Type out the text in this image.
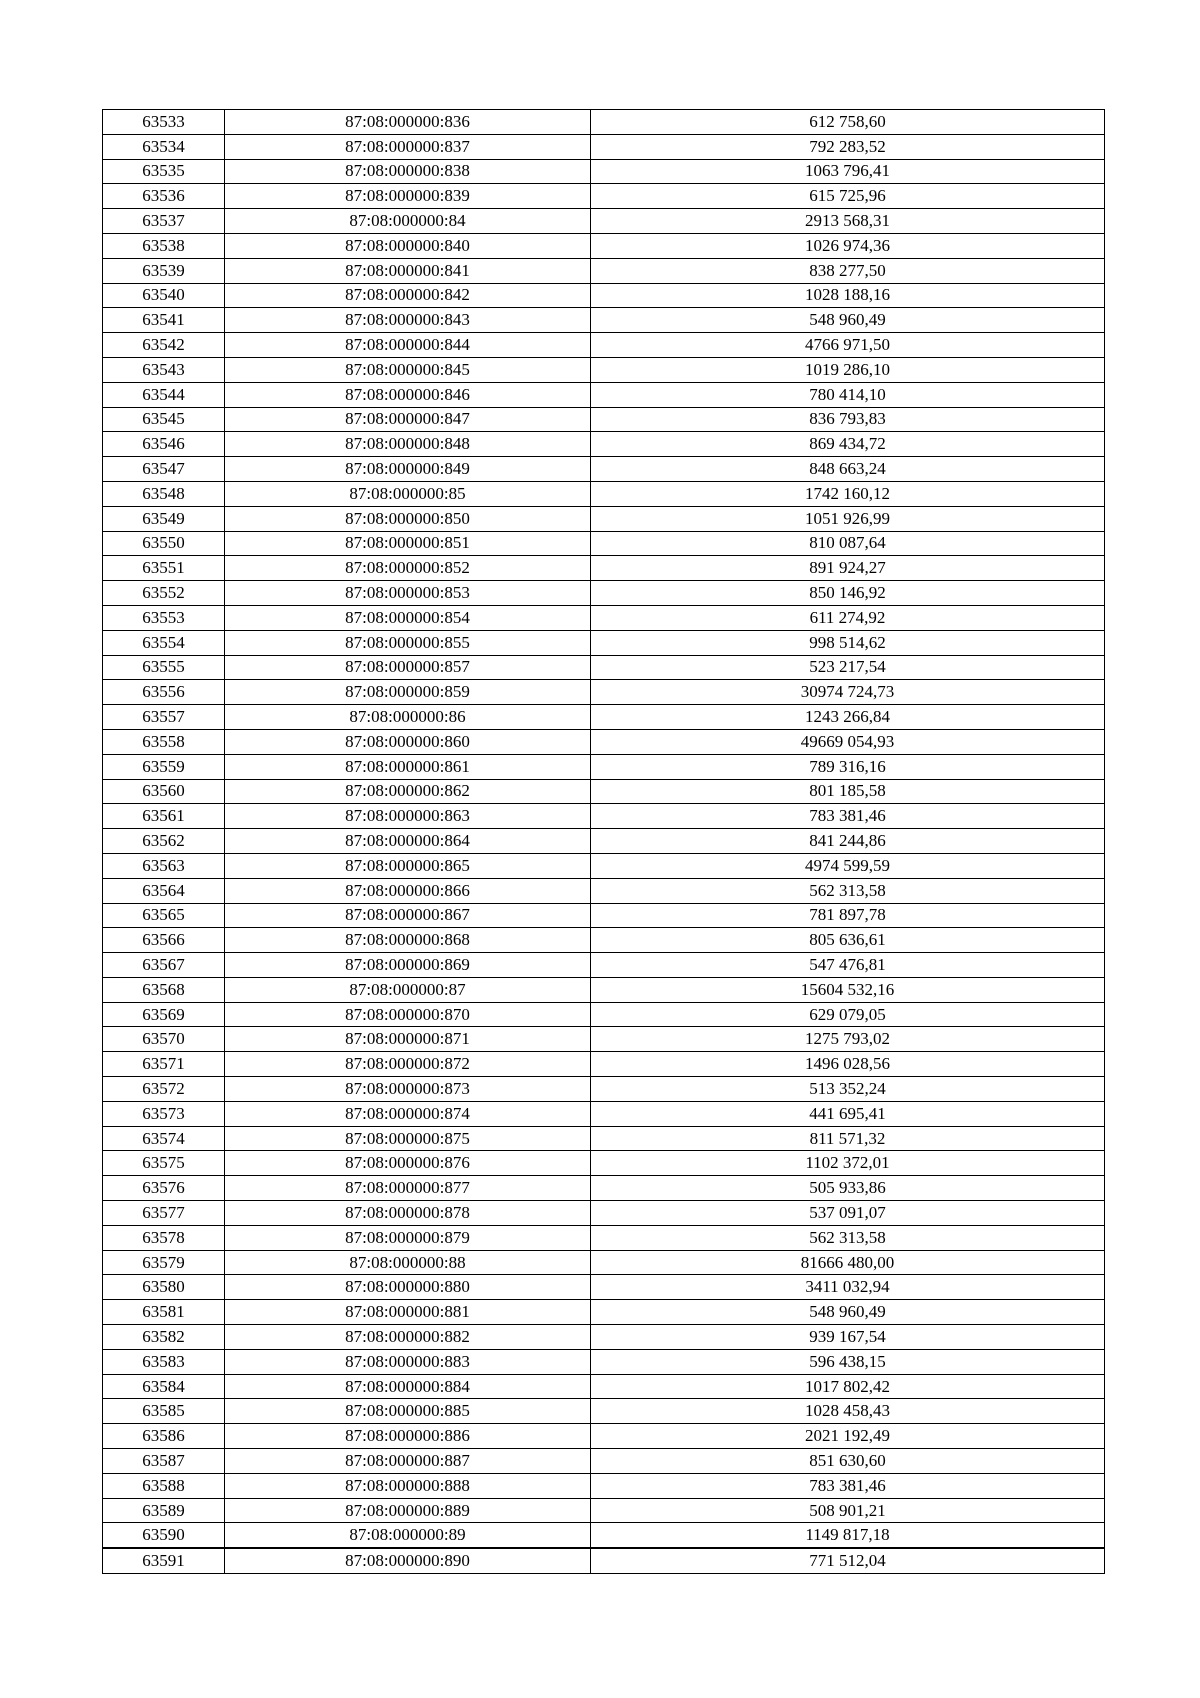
63533	87:08:000000:836	612 758,60
63534	87:08:000000:837	792 283,52
63535	87:08:000000:838	1063 796,41
63536	87:08:000000:839	615 725,96
63537	87:08:000000:84	2913 568,31
63538	87:08:000000:840	1026 974,36
63539	87:08:000000:841	838 277,50
63540	87:08:000000:842	1028 188,16
63541	87:08:000000:843	548 960,49
63542	87:08:000000:844	4766 971,50
63543	87:08:000000:845	1019 286,10
63544	87:08:000000:846	780 414,10
63545	87:08:000000:847	836 793,83
63546	87:08:000000:848	869 434,72
63547	87:08:000000:849	848 663,24
63548	87:08:000000:85	1742 160,12
63549	87:08:000000:850	1051 926,99
63550	87:08:000000:851	810 087,64
63551	87:08:000000:852	891 924,27
63552	87:08:000000:853	850 146,92
63553	87:08:000000:854	611 274,92
63554	87:08:000000:855	998 514,62
63555	87:08:000000:857	523 217,54
63556	87:08:000000:859	30974 724,73
63557	87:08:000000:86	1243 266,84
63558	87:08:000000:860	49669 054,93
63559	87:08:000000:861	789 316,16
63560	87:08:000000:862	801 185,58
63561	87:08:000000:863	783 381,46
63562	87:08:000000:864	841 244,86
63563	87:08:000000:865	4974 599,59
63564	87:08:000000:866	562 313,58
63565	87:08:000000:867	781 897,78
63566	87:08:000000:868	805 636,61
63567	87:08:000000:869	547 476,81
63568	87:08:000000:87	15604 532,16
63569	87:08:000000:870	629 079,05
63570	87:08:000000:871	1275 793,02
63571	87:08:000000:872	1496 028,56
63572	87:08:000000:873	513 352,24
63573	87:08:000000:874	441 695,41
63574	87:08:000000:875	811 571,32
63575	87:08:000000:876	1102 372,01
63576	87:08:000000:877	505 933,86
63577	87:08:000000:878	537 091,07
63578	87:08:000000:879	562 313,58
63579	87:08:000000:88	81666 480,00
63580	87:08:000000:880	3411 032,94
63581	87:08:000000:881	548 960,49
63582	87:08:000000:882	939 167,54
63583	87:08:000000:883	596 438,15
63584	87:08:000000:884	1017 802,42
63585	87:08:000000:885	1028 458,43
63586	87:08:000000:886	2021 192,49
63587	87:08:000000:887	851 630,60
63588	87:08:000000:888	783 381,46
63589	87:08:000000:889	508 901,21
63590	87:08:000000:89	1149 817,18
63591	87:08:000000:890	771 512,04
